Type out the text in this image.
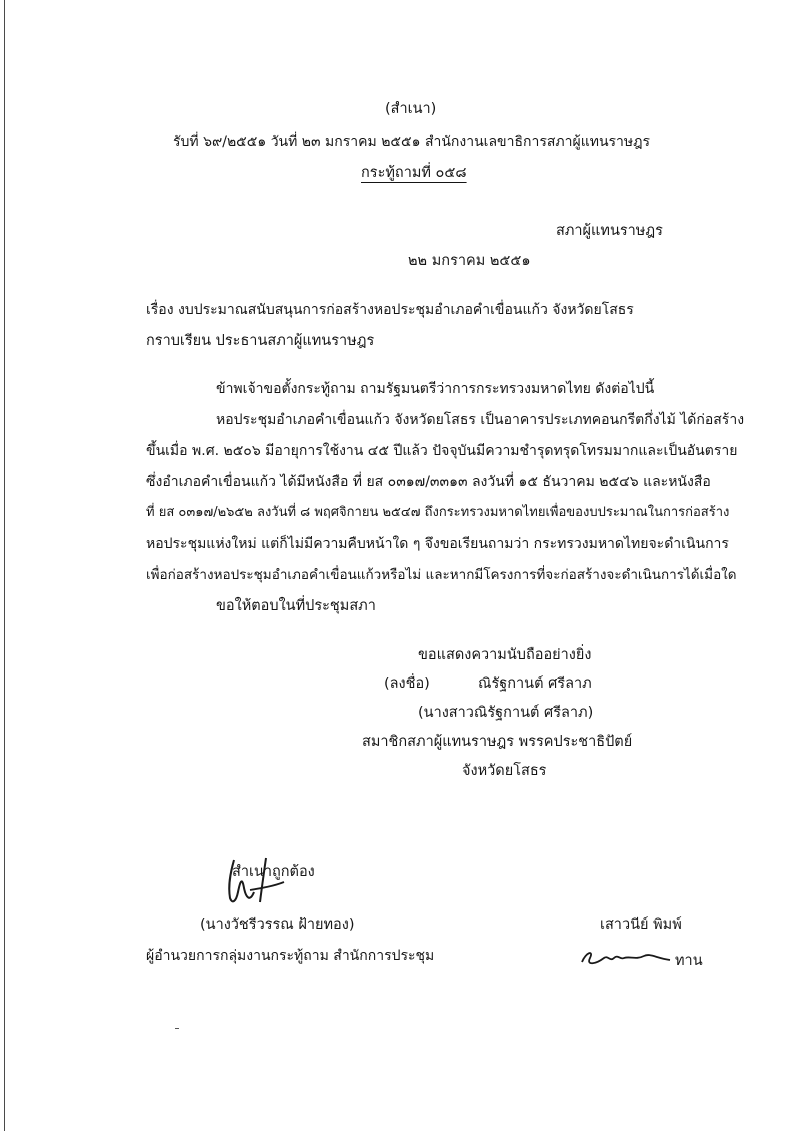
(สำเนา)
รับที่ ๖๙/๒๕๕๑ วันที่ ๒๓ มกราคม ๒๕๕๑ สำนักงานเลขาธิการสภาผู้แทนราษฎร
กระทู้ถามที่ ๐๕๘
สภาผู้แทนราษฎร
๒๒ มกราคม ๒๕๕๑
เรื่อง งบประมาณสนับสนุนการก่อสร้างหอประชุมอำเภอคำเขื่อนแก้ว จังหวัดยโสธร
กราบเรียน ประธานสภาผู้แทนราษฎร
ข้าพเจ้าขอตั้งกระทู้ถาม ถามรัฐมนตรีว่าการกระทรวงมหาดไทย ดังต่อไปนี้
หอประชุมอำเภอคำเขื่อนแก้ว จังหวัดยโสธร เป็นอาคารประเภทคอนกรีตกึ่งไม้ ได้ก่อสร้าง
ขึ้นเมื่อ พ.ศ. ๒๕๐๖ มีอายุการใช้งาน ๔๕ ปีแล้ว ปัจจุบันมีความชำรุดทรุดโทรมมากและเป็นอันตราย
ซึ่งอำเภอคำเขื่อนแก้ว ได้มีหนังสือ ที่ ยส ๐๓๑๗/๓๓๑๓ ลงวันที่ ๑๕ ธันวาคม ๒๕๔๖ และหนังสือ
ที่ ยส ๐๓๑๗/๒๖๕๒ ลงวันที่ ๘ พฤศจิกายน ๒๕๔๗ ถึงกระทรวงมหาดไทยเพื่อของบประมาณในการก่อสร้าง
หอประชุมแห่งใหม่ แต่ก็ไม่มีความคืบหน้าใด ๆ จึงขอเรียนถามว่า กระทรวงมหาดไทยจะดำเนินการ
เพื่อก่อสร้างหอประชุมอำเภอคำเขื่อนแก้วหรือไม่ และหากมีโครงการที่จะก่อสร้างจะดำเนินการได้เมื่อใด
ขอให้ตอบในที่ประชุมสภา
ขอแสดงความนับถืออย่างยิ่ง
(ลงชื่อ)	ณิรัฐกานต์ ศรีลาภ
(นางสาวณิรัฐกานต์ ศรีลาภ)
สมาชิกสภาผู้แทนราษฎร พรรคประชาธิปัตย์
จังหวัดยโสธร
สำเนาถูกต้อง
(นางวัชรีวรรณ ฝ้ายทอง)
ผู้อำนวยการกลุ่มงานกระทู้ถาม สำนักการประชุม
เสาวนีย์ พิมพ์
ทาน
